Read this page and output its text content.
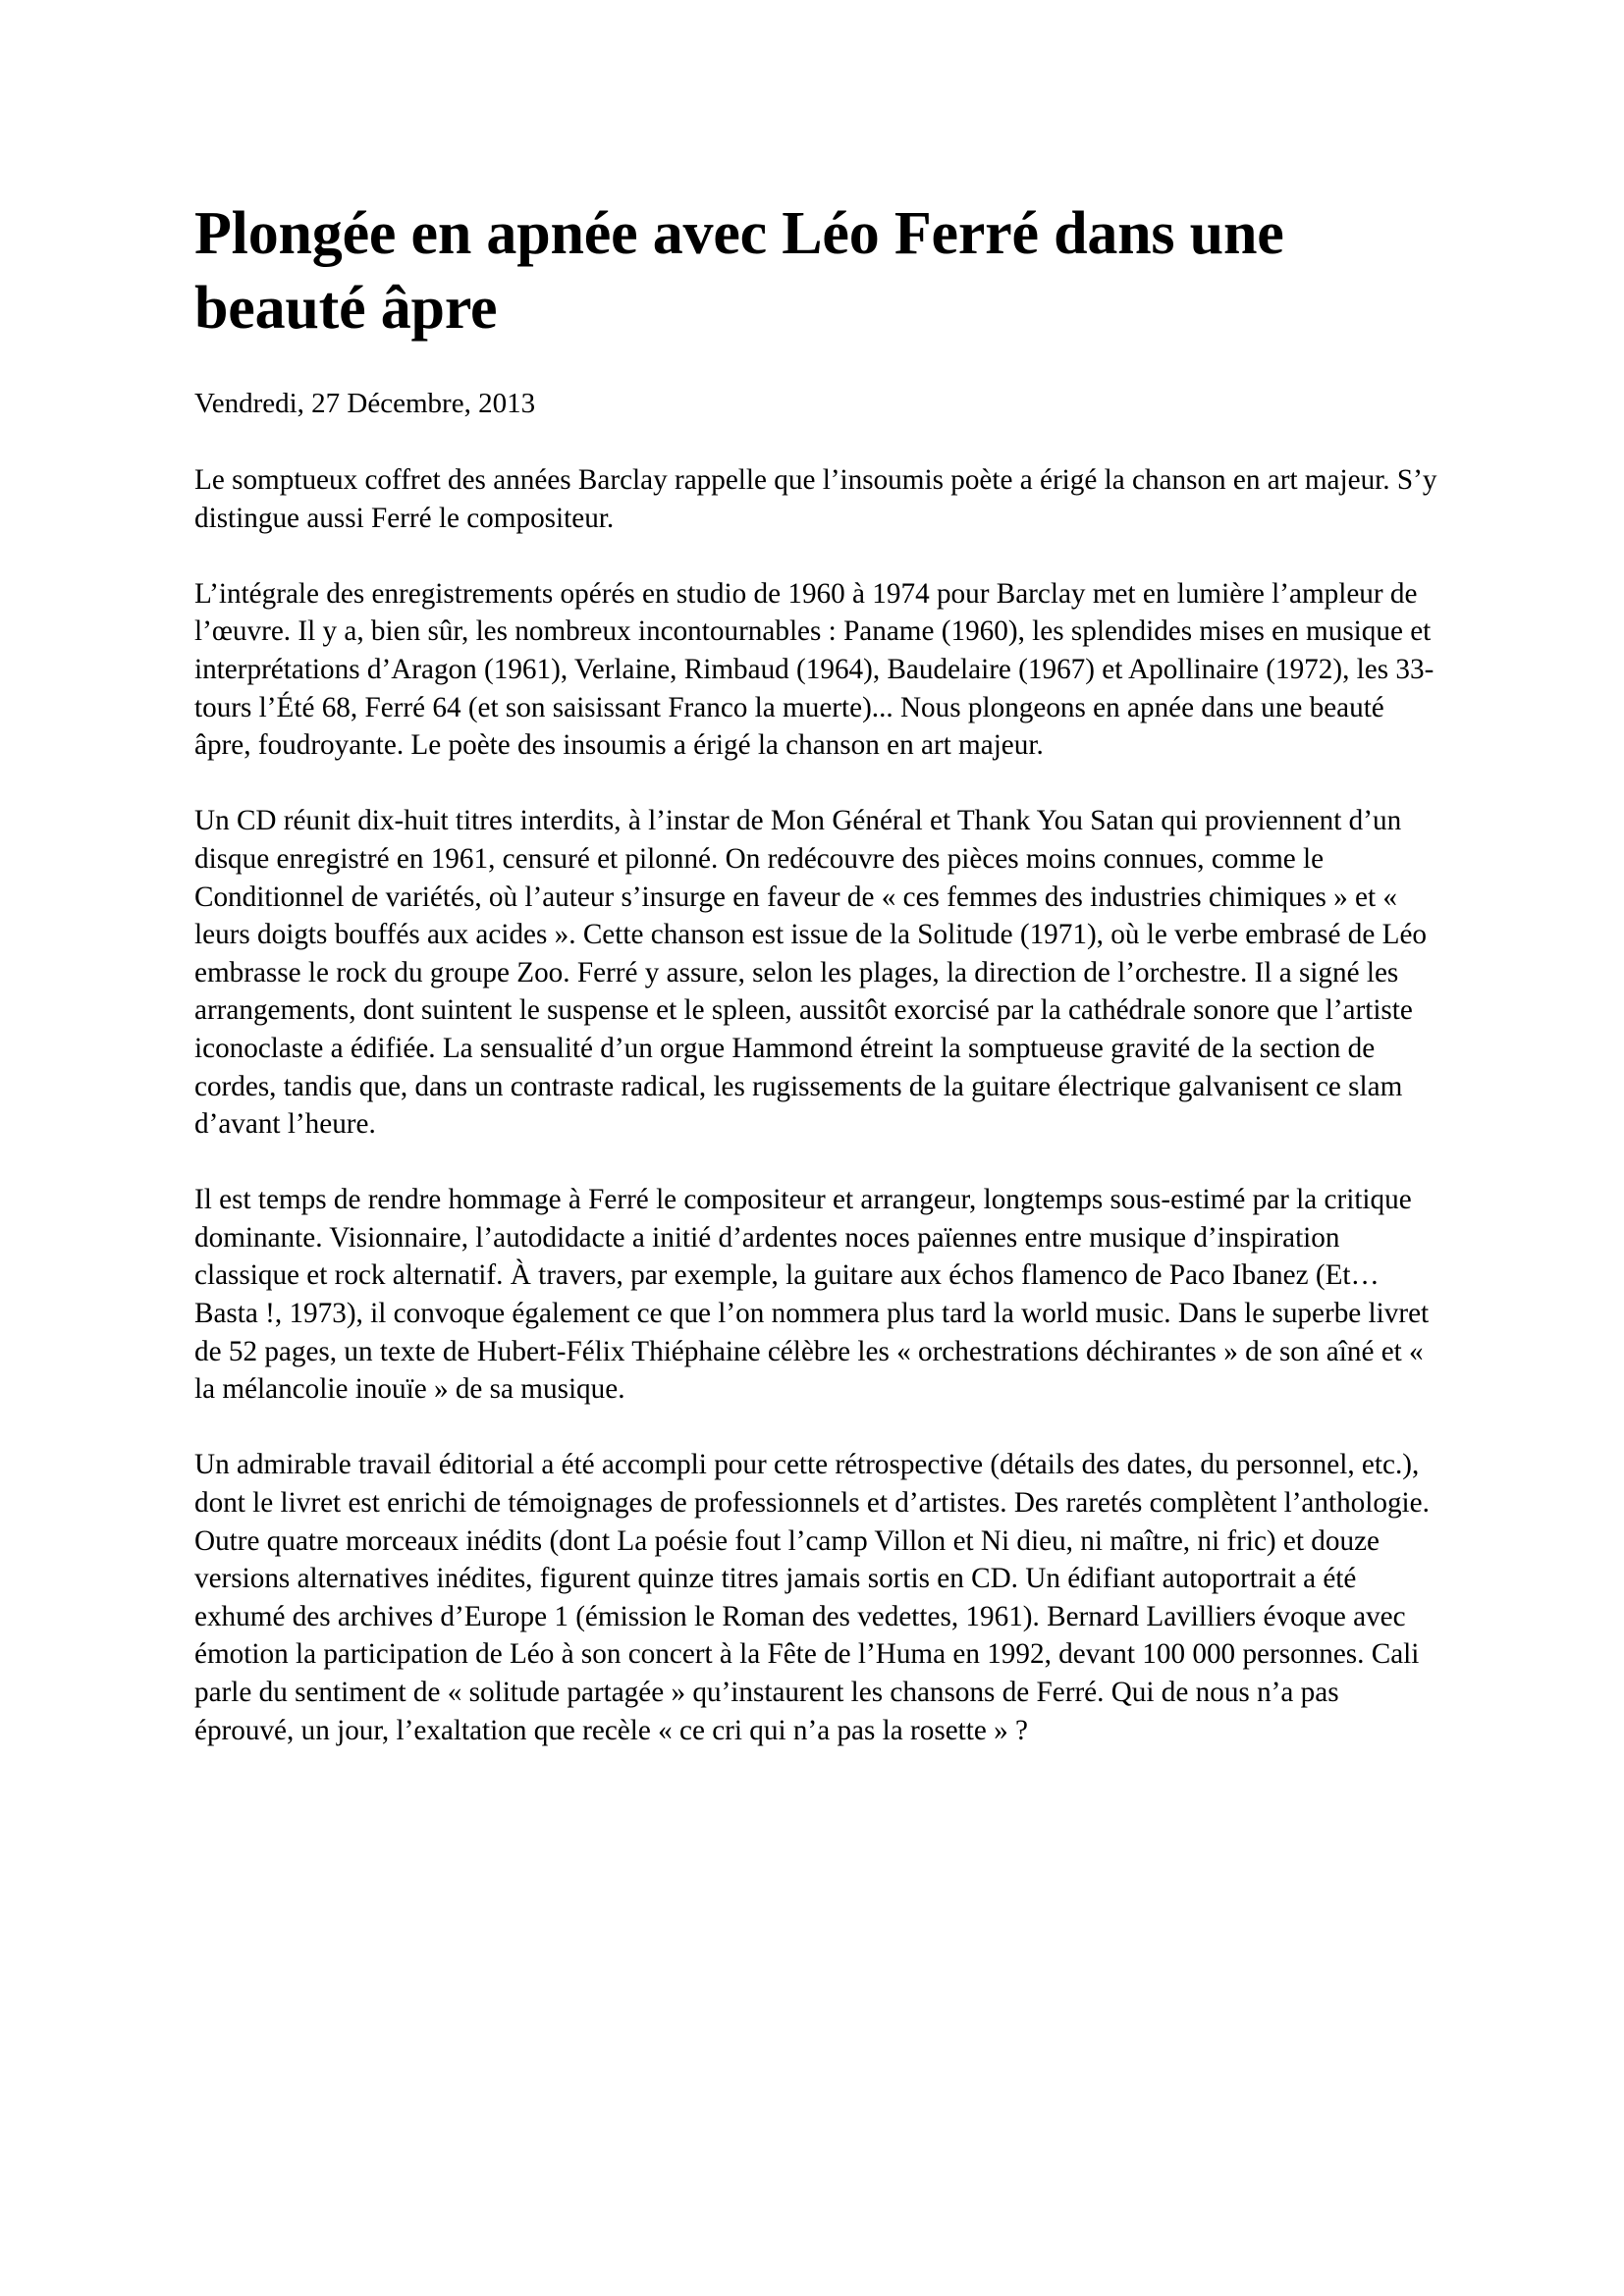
Plongée en apnée avec Léo Ferré dans une beauté âpre

Vendredi, 27 Décembre, 2013

Le somptueux coffret des années Barclay rappelle que l’insoumis poète a érigé la chanson en art majeur. S’y distingue aussi Ferré le compositeur.

L’intégrale des enregistrements opérés en studio de 1960 à 1974 pour Barclay met en lumière l’ampleur de l’œuvre. Il y a, bien sûr, les nombreux incontournables : Paname (1960), les splendides mises en musique et interprétations d’Aragon (1961), Verlaine, Rimbaud (1964), Baudelaire (1967) et Apollinaire (1972), les 33-tours l’Été 68, Ferré 64 (et son saisissant Franco la muerte)... Nous plongeons en apnée dans une beauté âpre, foudroyante. Le poète des insoumis a érigé la chanson en art majeur.

Un CD réunit dix-huit titres interdits, à l’instar de Mon Général et Thank You Satan qui proviennent d’un disque enregistré en 1961, censuré et pilonné. On redécouvre des pièces moins connues, comme le Conditionnel de variétés, où l’auteur s’insurge en faveur de « ces femmes des industries chimiques » et « leurs doigts bouffés aux acides ». Cette chanson est issue de la Solitude (1971), où le verbe embrasé de Léo embrasse le rock du groupe Zoo. Ferré y assure, selon les plages, la direction de l’orchestre. Il a signé les arrangements, dont suintent le suspense et le spleen, aussitôt exorcisé par la cathédrale sonore que l’artiste iconoclaste a édifiée. La sensualité d’un orgue Hammond étreint la somptueuse gravité de la section de cordes, tandis que, dans un contraste radical, les rugissements de la guitare électrique galvanisent ce slam d’avant l’heure.

Il est temps de rendre hommage à Ferré le compositeur et arrangeur, longtemps sous-estimé par la critique dominante. Visionnaire, l’autodidacte a initié d’ardentes noces païennes entre musique d’inspiration classique et rock alternatif. À travers, par exemple, la guitare aux échos flamenco de Paco Ibanez (Et… Basta !, 1973), il convoque également ce que l’on nommera plus tard la world music. Dans le superbe livret de 52 pages, un texte de Hubert-Félix Thiéphaine célèbre les « orchestrations déchirantes » de son aîné et « la mélancolie inouïe » de sa musique.

Un admirable travail éditorial a été accompli pour cette rétrospective (détails des dates, du personnel, etc.), dont le livret est enrichi de témoignages de professionnels et d’artistes. Des raretés complètent l’anthologie. Outre quatre morceaux inédits (dont La poésie fout l’camp Villon et Ni dieu, ni maître, ni fric) et douze versions alternatives inédites, figurent quinze titres jamais sortis en CD. Un édifiant autoportrait a été exhumé des archives d’Europe 1 (émission le Roman des vedettes, 1961). Bernard Lavilliers évoque avec émotion la participation de Léo à son concert à la Fête de l’Huma en 1992, devant 100 000 personnes. Cali parle du sentiment de « solitude partagée » qu’instaurent les chansons de Ferré. Qui de nous n’a pas éprouvé, un jour, l’exaltation que recèle « ce cri qui n’a pas la rosette » ?
